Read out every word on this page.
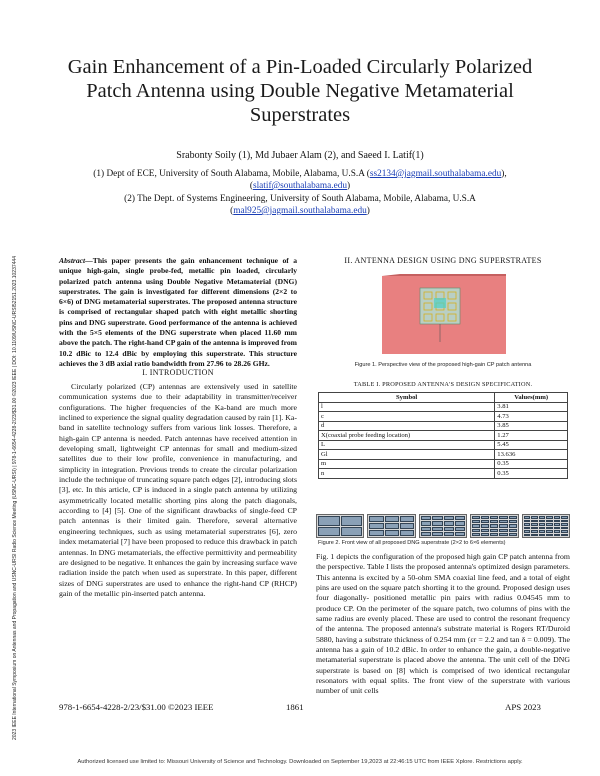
2023 IEEE International Symposium on Antennas and Propagation and USNC-URSI Radio Science Meeting (USNC-URSI) | 978-1-6654-4228-2/23/$31.00 ©2023 IEEE | DOI: 10.1109/USNC-URSI52151.2023.10237444
Gain Enhancement of a Pin-Loaded Circularly Polarized Patch Antenna using Double Negative Metamaterial Superstrates
Srabonty Soily (1), Md Jubaer Alam (2), and Saeed I. Latif(1)
(1) Dept of ECE, University of South Alabama, Mobile, Alabama, U.S.A (ss2134@jagmail.southalabama.edu),
(slatif@southalabama.edu)
(2) The Dept. of Systems Engineering, University of South Alabama, Mobile, Alabama, U.S.A
(mal925@jagmail.southalabama.edu)
Abstract—This paper presents the gain enhancement technique of a unique high-gain, single probe-fed, metallic pin loaded, circularly polarized patch antenna using Double Negative Metamaterial (DNG) superstrates. The gain is investigated for different dimensions (2×2 to 6×6) of DNG metamaterial superstrates. The proposed antenna structure is comprised of rectangular shaped patch with eight metallic shorting pins and DNG superstrate. Good performance of the antenna is achieved with the 5×5 elements of the DNG superstrate when placed 11.60 mm above the patch. The right-hand CP gain of the antenna is improved from 10.2 dBic to 12.4 dBic by employing this superstrate. This structure achieves the 3 dB axial ratio bandwidth from 27.96 to 28.26 GHz.
I. INTRODUCTION

Circularly polarized (CP) antennas are extensively used in satellite communication systems due to their adaptability in transmitter/receiver configurations. The higher frequencies of the Ka-band are much more inclined to experience the signal quality degradation caused by rain [1]. Ka-band in satellite technology suffers from various link losses. Therefore, a high-gain CP antenna is needed. Patch antennas have received attention in developing small, lightweight CP antennas for small and medium-sized satellites due to their low profile, convenience in manufacturing, and simplicity in integration. Previous trends to create the circular polarization include the technique of truncating square patch edges [2], introducing slots [3], etc. In this article, CP is induced in a single patch antenna by utilizing asymmetrically located metallic shorting pins along the patch diagonals, according to [4] [5]. One of the significant drawbacks of single-feed CP patch antennas is their limited gain. Therefore, several alternative engineering techniques, such as using metamaterial superstrates [6], zero index metamaterial [7] have been proposed to reduce this drawback in patch antennas. In DNG metamaterials, the effective permittivity and permeability are designed to be negative. It enhances the gain by increasing surface wave radiation inside the patch when used as superstrate. In this paper, different sizes of DNG superstrates are used to enhance the right-hand CP (RHCP) gain of the metallic pin-inserted patch antenna.

II. ANTENNA DESIGN USING DNG SUPERSTRATES
Figure 1. Perspective view of the proposed high-gain CP patch antenna
TABLE I. PROPOSED ANTENNA'S DESIGN SPECIFICATION.
Symbol	Values(mm)
l	3.81
c	4.73
d	3.85
X(coaxial probe feeding location)	1.27
L	5.45
Gl	13.636
m	0.35
n	0.35
Figure 2. Front view of all proposed DNG superstrate (2×2 to 6×6 elements)

Fig. 1 depicts the configuration of the proposed high gain CP patch antenna from the perspective. Table I lists the proposed antenna's optimized design parameters. This antenna is excited by a 50-ohm SMA coaxial line feed, and a total of eight pins are used on the square patch shorting it to the ground. Proposed design uses four diagonally- positioned metallic pin pairs with radius 0.04545 mm to produce CP. On the perimeter of the square patch, two columns of pins with the same radius are evenly placed. These are used to control the resonant frequency of the antenna. The proposed antenna's substrate material is Rogers RT/Duroid 5880, having a substrate thickness of 0.254 mm (εr = 2.2 and tan δ = 0.009). The antenna has a gain of 10.2 dBic. In order to enhance the gain, a double-negative metamaterial superstrate is placed above the antenna. The unit cell of the DNG superstrate is based on [8] which is comprised of two identical rectangular resonators with equal splits. The front view of the superstrate with various number of unit cells

978-1-6654-4228-2/23/$31.00 ©2023 IEEE	1861	APS 2023
Authorized licensed use limited to: Missouri University of Science and Technology. Downloaded on September 19,2023 at 22:46:15 UTC from IEEE Xplore. Restrictions apply.
